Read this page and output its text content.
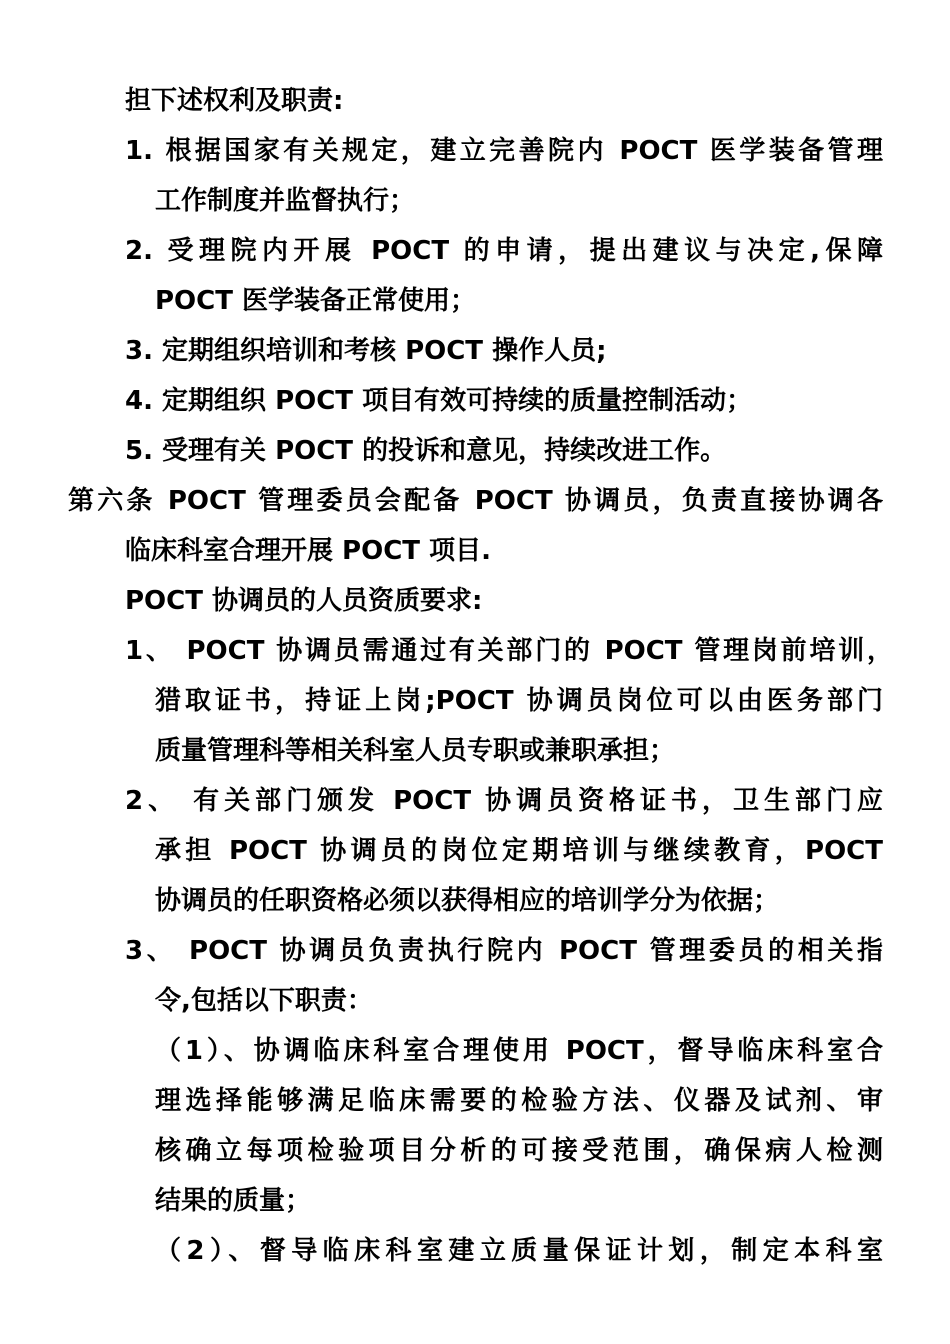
担下述权利及职责:
1. 根据国家有关规定，建立完善院内 POCT 医学装备管理
工作制度并监督执行；
2. 受理院内开展 POCT 的申请，提出建议与决定,保障
POCT 医学装备正常使用；
3. 定期组织培训和考核 POCT 操作人员;
4. 定期组织 POCT 项目有效可持续的质量控制活动；
5. 受理有关 POCT 的投诉和意见，持续改进工作。
第六条 POCT 管理委员会配备 POCT 协调员，负责直接协调各
临床科室合理开展 POCT 项目.
POCT 协调员的人员资质要求:
1、 POCT 协调员需通过有关部门的 POCT 管理岗前培训，
猎取证书，持证上岗;POCT 协调员岗位可以由医务部门
质量管理科等相关科室人员专职或兼职承担；
2、 有关部门颁发 POCT 协调员资格证书，卫生部门应
承担 POCT 协调员的岗位定期培训与继续教育，POCT
协调员的任职资格必须以获得相应的培训学分为依据；
3、 POCT 协调员负责执行院内 POCT 管理委员的相关指
令,包括以下职责：
（1）、协调临床科室合理使用 POCT，督导临床科室合
理选择能够满足临床需要的检验方法、仪器及试剂、审
核确立每项检验项目分析的可接受范围，确保病人检测
结果的质量；
（2）、督导临床科室建立质量保证计划，制定本科室
